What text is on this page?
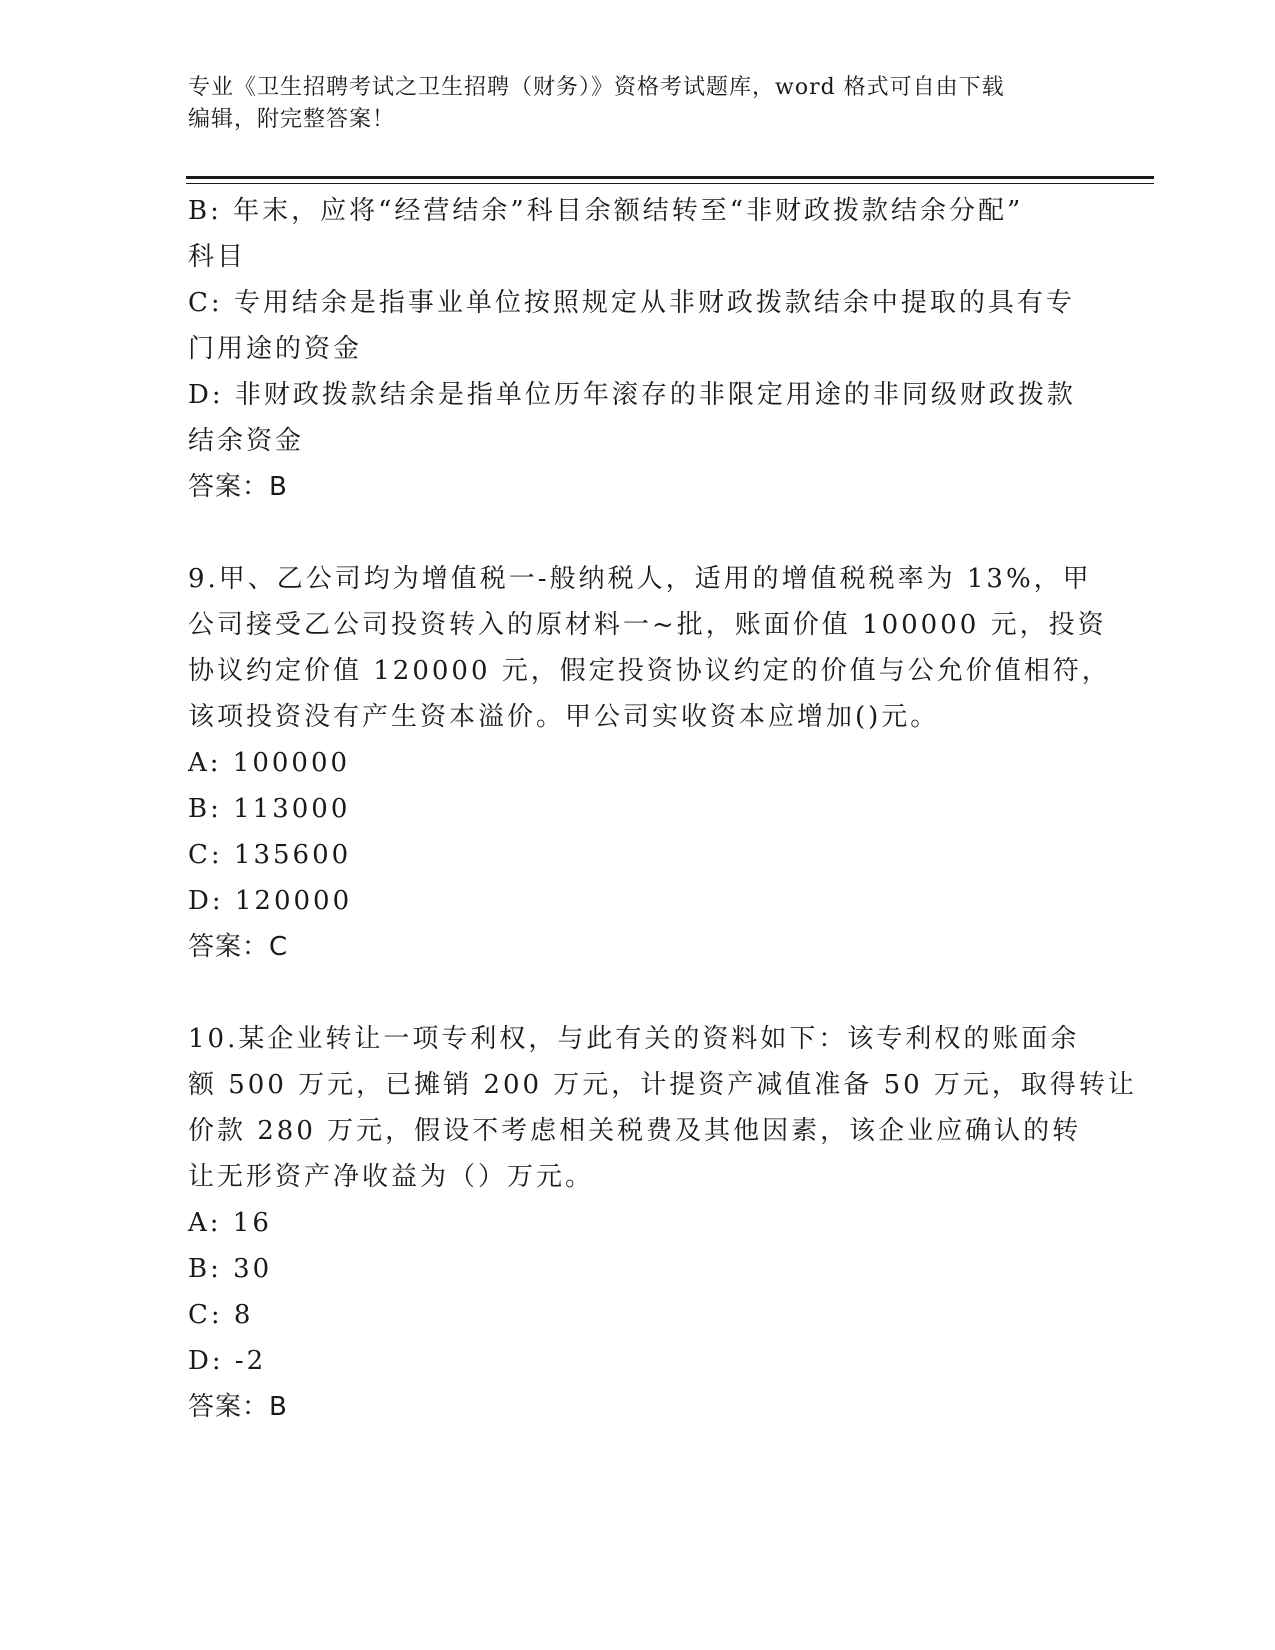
专业《卫生招聘考试之卫生招聘（财务）》资格考试题库，word 格式可自由下载
编辑，附完整答案！
B: 年末，应将“经营结余”科目余额结转至“非财政拨款结余分配”
科目
C: 专用结余是指事业单位按照规定从非财政拨款结余中提取的具有专
门用途的资金
D: 非财政拨款结余是指单位历年滚存的非限定用途的非同级财政拨款
结余资金
答案：B
9.甲、乙公司均为增值税一-般纳税人，适用的增值税税率为 13%，甲
公司接受乙公司投资转入的原材料一~批，账面价值 100000 元，投资
协议约定价值 120000 元，假定投资协议约定的价值与公允价值相符，
该项投资没有产生资本溢价。甲公司实收资本应增加()元。
A: 100000
B: 113000
C: 135600
D: 120000
答案：C
10.某企业转让一项专利权，与此有关的资料如下：该专利权的账面余
额 500 万元，已摊销 200 万元，计提资产减值准备 50 万元，取得转让
价款 280 万元，假设不考虑相关税费及其他因素，该企业应确认的转
让无形资产净收益为（）万元。
A: 16
B: 30
C: 8
D: -2
答案：B
